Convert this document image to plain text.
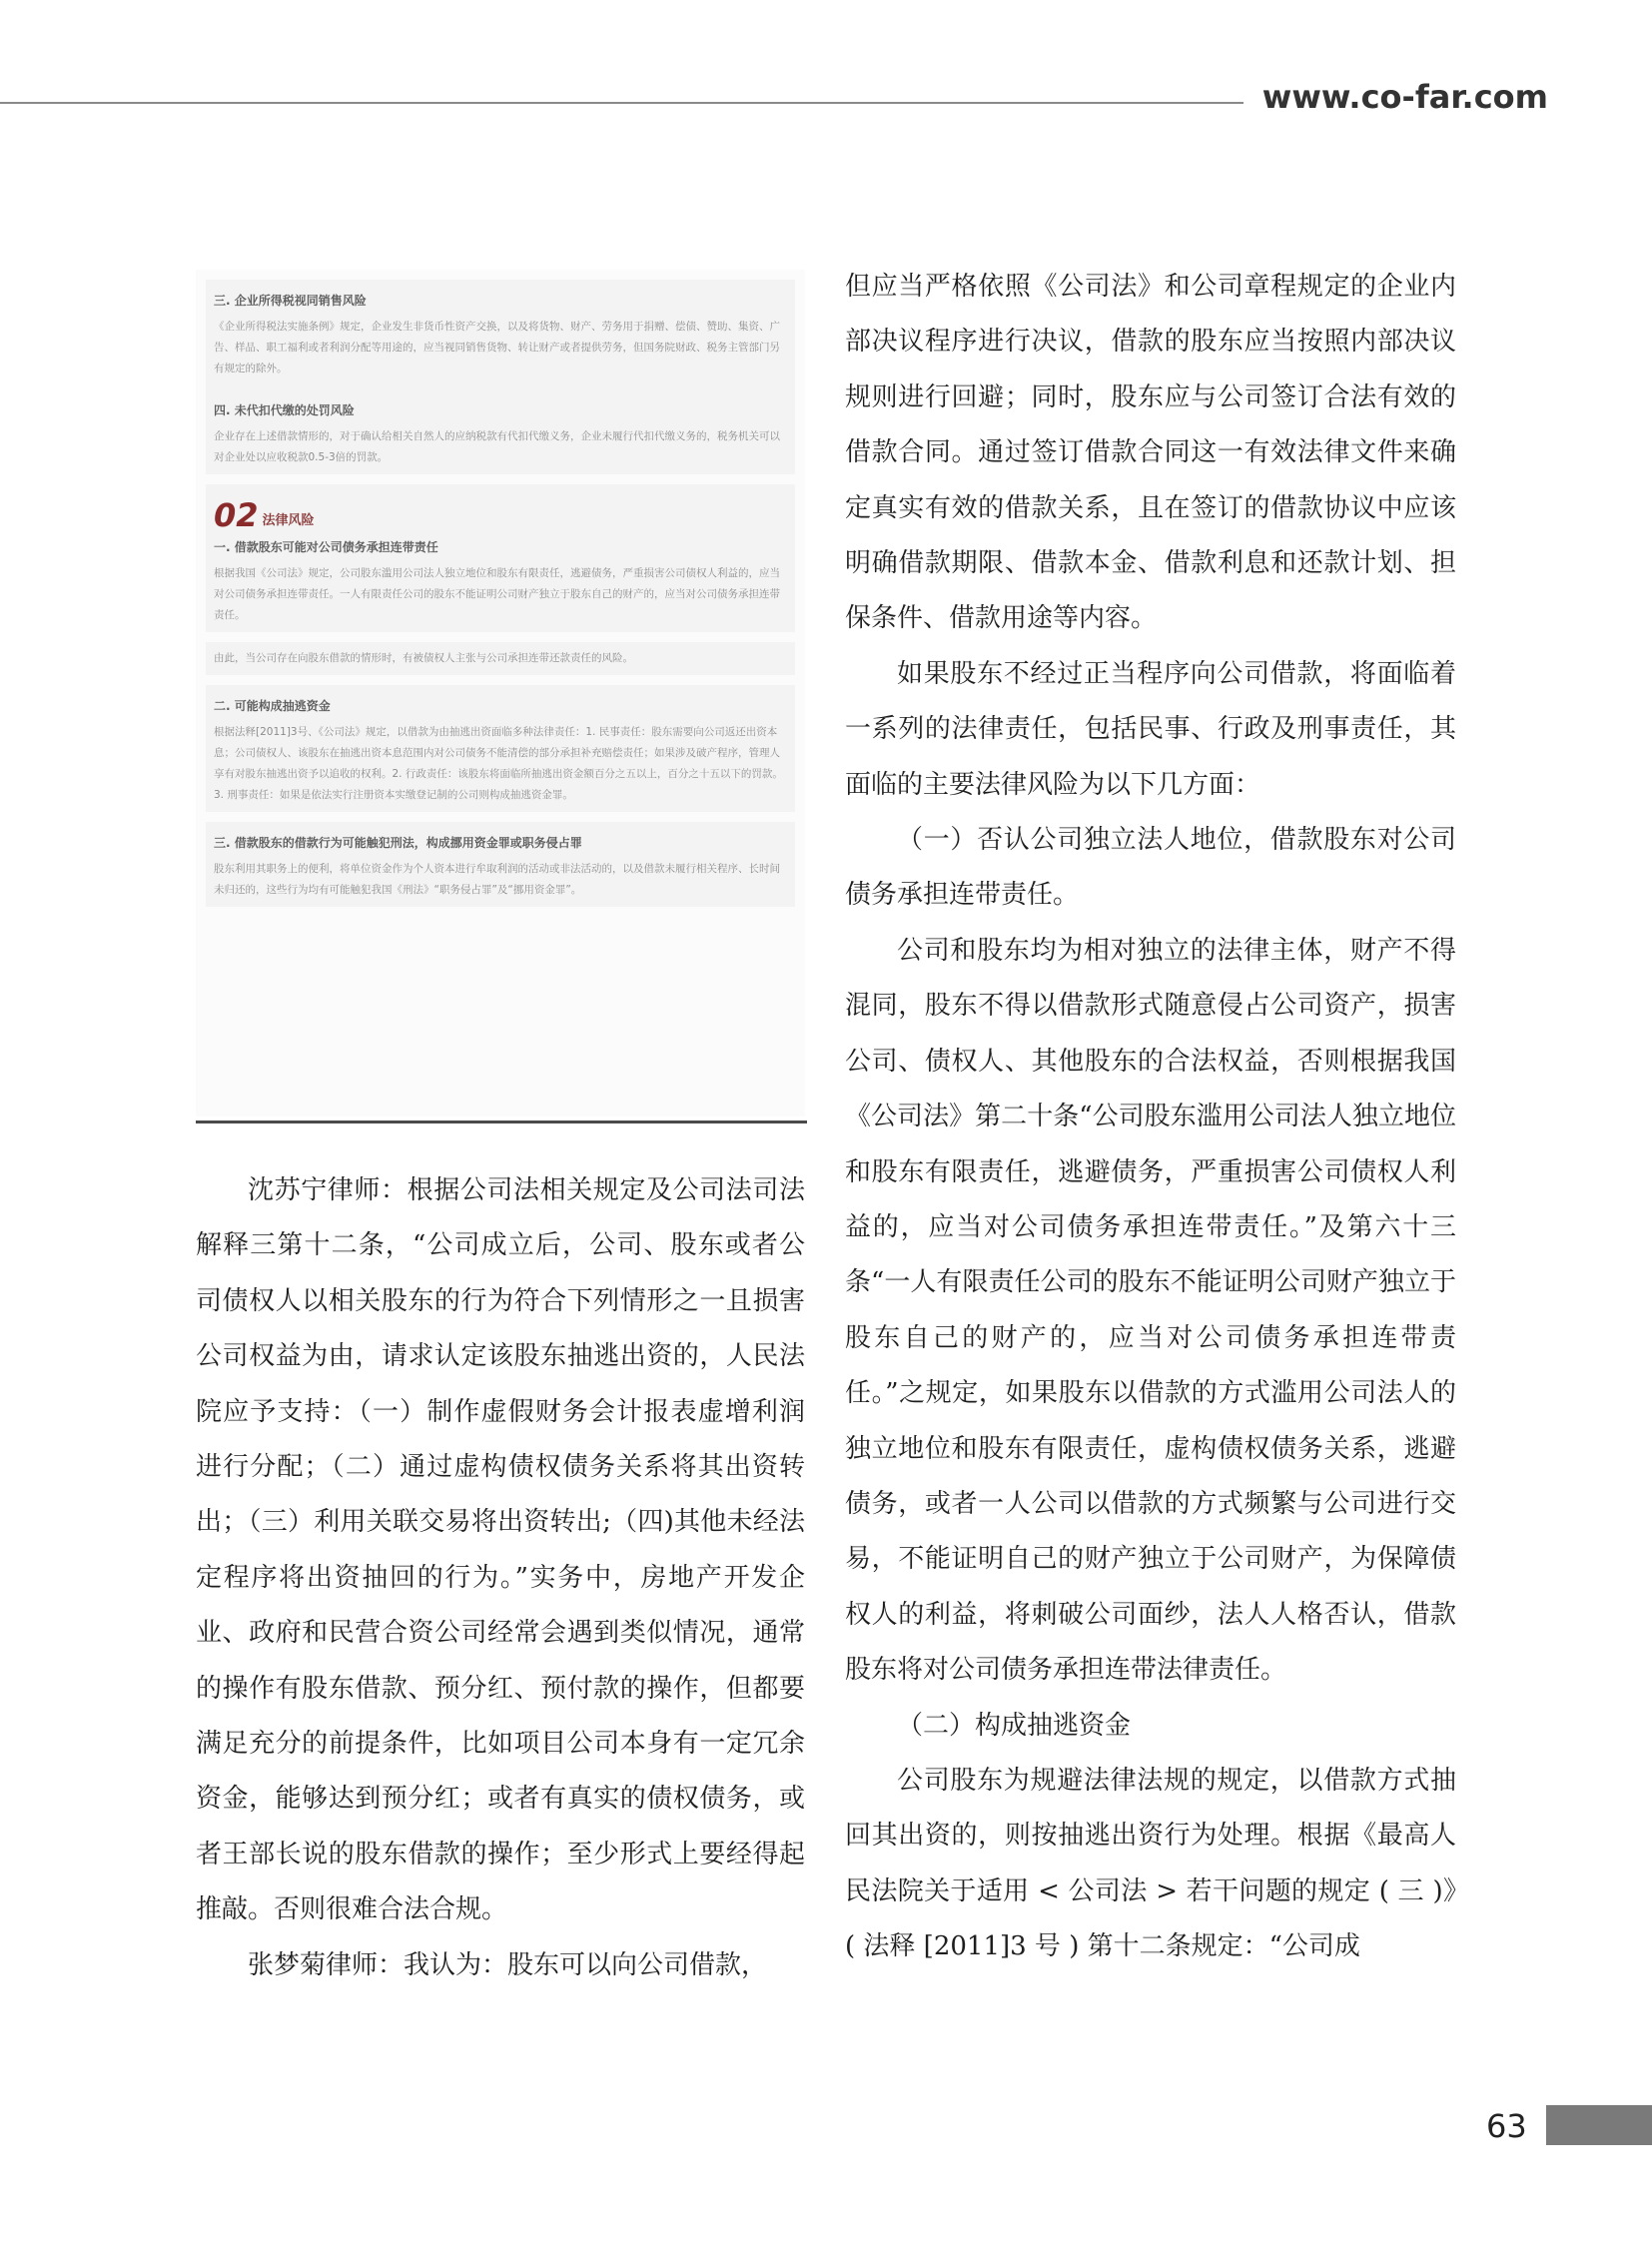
www.co-far.com
三. 企业所得税视同销售风险

《企业所得税法实施条例》规定，企业发生非货币性资产交换，以及将货物、财产、劳务用于捐赠、偿债、赞助、集资、广告、样品、职工福利或者利润分配等用途的，应当视同销售货物、转让财产或者提供劳务，但国务院财政、税务主管部门另有规定的除外。

四. 未代扣代缴的处罚风险

企业存在上述借款情形的，对于确认给相关自然人的应纳税款有代扣代缴义务，企业未履行代扣代缴义务的，税务机关可以对企业处以应收税款0.5-3倍的罚款。

02 法律风险
一. 借款股东可能对公司债务承担连带责任

根据我国《公司法》规定，公司股东滥用公司法人独立地位和股东有限责任，逃避债务，严重损害公司债权人利益的，应当对公司债务承担连带责任。一人有限责任公司的股东不能证明公司财产独立于股东自己的财产的，应当对公司债务承担连带责任。

由此，当公司存在向股东借款的情形时，有被债权人主张与公司承担连带还款责任的风险。

二. 可能构成抽逃资金

根据法释[2011]3号、《公司法》规定，以借款为由抽逃出资面临多种法律责任：1. 民事责任：股东需要向公司返还出资本息；公司债权人、该股东在抽逃出资本息范围内对公司债务不能清偿的部分承担补充赔偿责任；如果涉及破产程序，管理人享有对股东抽逃出资予以追收的权利。2. 行政责任：该股东将面临所抽逃出资金额百分之五以上，百分之十五以下的罚款。3. 刑事责任：如果是依法实行注册资本实缴登记制的公司则构成抽逃资金罪。

三. 借款股东的借款行为可能触犯刑法，构成挪用资金罪或职务侵占罪

股东利用其职务上的便利，将单位资金作为个人资本进行牟取利润的活动或非法活动的，以及借款未履行相关程序、长时间未归还的，这些行为均有可能触犯我国《刑法》“职务侵占罪”及“挪用资金罪”。

沈苏宁律师：根据公司法相关规定及公司法司法解释三第十二条，“公司成立后，公司、股东或者公司债权人以相关股东的行为符合下列情形之一且损害公司权益为由，请求认定该股东抽逃出资的，人民法院应予支持：（一）制作虚假财务会计报表虚增利润进行分配；（二）通过虚构债权债务关系将其出资转出；（三）利用关联交易将出资转出;（四)其他未经法定程序将出资抽回的行为。”实务中，房地产开发企业、政府和民营合资公司经常会遇到类似情况，通常的操作有股东借款、预分红、预付款的操作，但都要满足充分的前提条件，比如项目公司本身有一定冗余资金，能够达到预分红；或者有真实的债权债务，或者王部长说的股东借款的操作；至少形式上要经得起推敲。否则很难合法合规。

张梦菊律师：我认为：股东可以向公司借款，

但应当严格依照《公司法》和公司章程规定的企业内部决议程序进行决议，借款的股东应当按照内部决议规则进行回避；同时，股东应与公司签订合法有效的借款合同。通过签订借款合同这一有效法律文件来确定真实有效的借款关系，且在签订的借款协议中应该明确借款期限、借款本金、借款利息和还款计划、担保条件、借款用途等内容。

如果股东不经过正当程序向公司借款，将面临着一系列的法律责任，包括民事、行政及刑事责任，其面临的主要法律风险为以下几方面：

（一）否认公司独立法人地位，借款股东对公司债务承担连带责任。

公司和股东均为相对独立的法律主体，财产不得混同，股东不得以借款形式随意侵占公司资产，损害公司、债权人、其他股东的合法权益，否则根据我国《公司法》第二十条“公司股东滥用公司法人独立地位和股东有限责任，逃避债务，严重损害公司债权人利益的，应当对公司债务承担连带责任。”及第六十三条“一人有限责任公司的股东不能证明公司财产独立于股东自己的财产的，应当对公司债务承担连带责任。”之规定，如果股东以借款的方式滥用公司法人的独立地位和股东有限责任，虚构债权债务关系，逃避债务，或者一人公司以借款的方式频繁与公司进行交易，不能证明自己的财产独立于公司财产，为保障债权人的利益，将刺破公司面纱，法人人格否认，借款股东将对公司债务承担连带法律责任。

（二）构成抽逃资金

公司股东为规避法律法规的规定，以借款方式抽回其出资的，则按抽逃出资行为处理。根据《最高人民法院关于适用 < 公司法 > 若干问题的规定 ( 三 )》( 法释 [2011]3 号 ) 第十二条规定：“公司成

63
